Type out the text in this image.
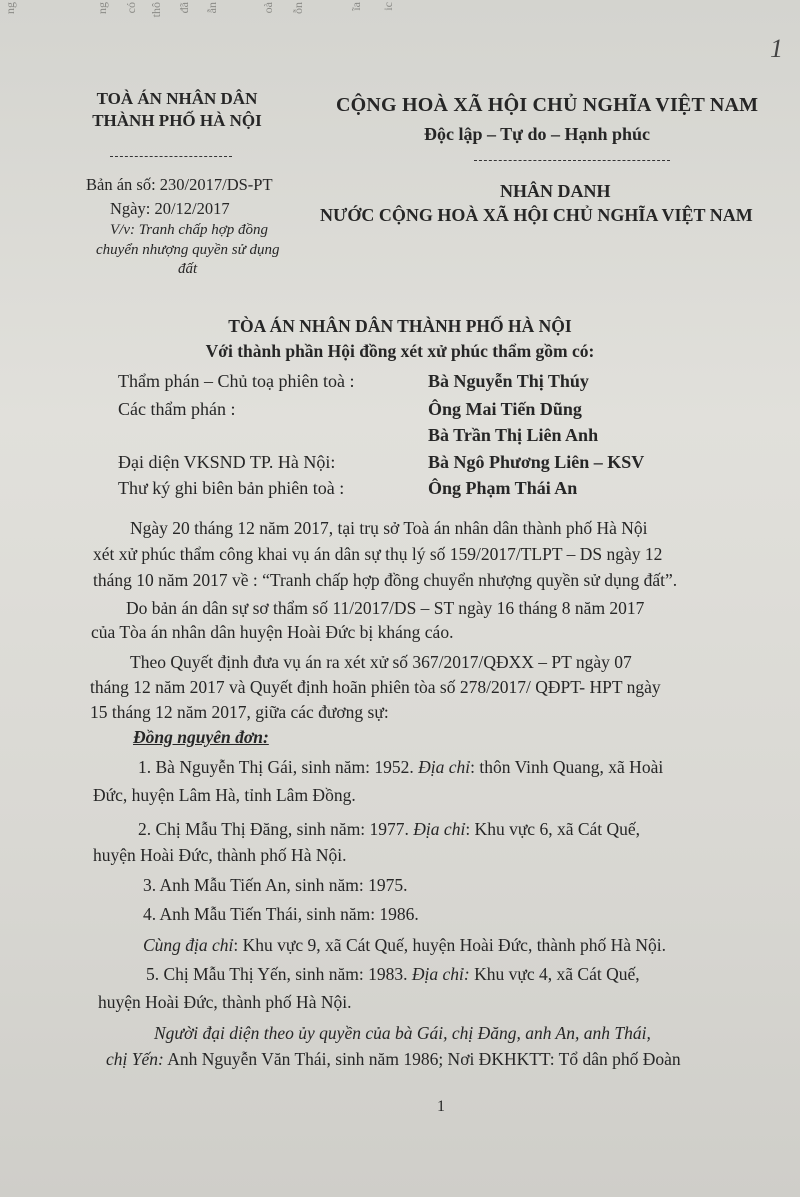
ng	ng có thô đã ẫn	oà ỗn	ĩa ic
1
TOÀ ÁN NHÂN DÂN
THÀNH PHỐ HÀ NỘI
Bản án số: 230/2017/DS-PT
Ngày: 20/12/2017
V/v: Tranh chấp hợp đồng
chuyển nhượng quyền sử dụng
đất
CỘNG HOÀ XÃ HỘI CHỦ NGHĨA VIỆT NAM
Độc lập – Tự do – Hạnh phúc
NHÂN DANH
NƯỚC CỘNG HOÀ XÃ HỘI CHỦ NGHĨA VIỆT NAM
TÒA ÁN NHÂN DÂN THÀNH PHỐ HÀ NỘI
Với thành phần Hội đồng xét xử phúc thẩm gồm có:
Thẩm phán – Chủ toạ phiên toà :	Bà Nguyễn Thị Thúy
Các thẩm phán :	Ông Mai Tiến Dũng
Bà Trần Thị Liên Anh
Đại diện VKSND TP. Hà Nội:	Bà Ngô Phương Liên – KSV
Thư ký ghi biên bản phiên toà :	Ông Phạm Thái An
Ngày 20 tháng 12 năm 2017, tại trụ sở Toà án nhân dân thành phố Hà Nội
xét xử phúc thẩm công khai vụ án dân sự thụ lý số 159/2017/TLPT – DS ngày 12
tháng 10 năm 2017 về : “Tranh chấp hợp đồng chuyển nhượng quyền sử dụng đất”.
Do bản án dân sự sơ thẩm số 11/2017/DS – ST ngày 16 tháng 8 năm 2017
của Tòa án nhân dân huyện Hoài Đức bị kháng cáo.
Theo Quyết định đưa vụ án ra xét xử số 367/2017/QĐXX – PT ngày 07
tháng 12 năm 2017 và Quyết định hoãn phiên tòa số 278/2017/ QĐPT- HPT ngày
15 tháng 12 năm 2017, giữa các đương sự:
Đồng nguyên đơn:
1. Bà Nguyễn Thị Gái, sinh năm: 1952. Địa chỉ: thôn Vinh Quang, xã Hoài
Đức, huyện Lâm Hà, tỉnh Lâm Đồng.
2. Chị Mẫu Thị Đăng, sinh năm: 1977. Địa chỉ: Khu vực 6, xã Cát Quế,
huyện Hoài Đức, thành phố Hà Nội.
3. Anh Mẫu Tiến An, sinh năm: 1975.
4. Anh Mẫu Tiến Thái, sinh năm: 1986.
Cùng địa chỉ: Khu vực 9, xã Cát Quế, huyện Hoài Đức, thành phố Hà Nội.
5. Chị Mẫu Thị Yến, sinh năm: 1983. Địa chỉ: Khu vực 4, xã Cát Quế,
huyện Hoài Đức, thành phố Hà Nội.
Người đại diện theo ủy quyền của bà Gái, chị Đăng, anh An, anh Thái,
chị Yến: Anh Nguyễn Văn Thái, sinh năm 1986; Nơi ĐKHKTT: Tổ dân phố Đoàn
1
